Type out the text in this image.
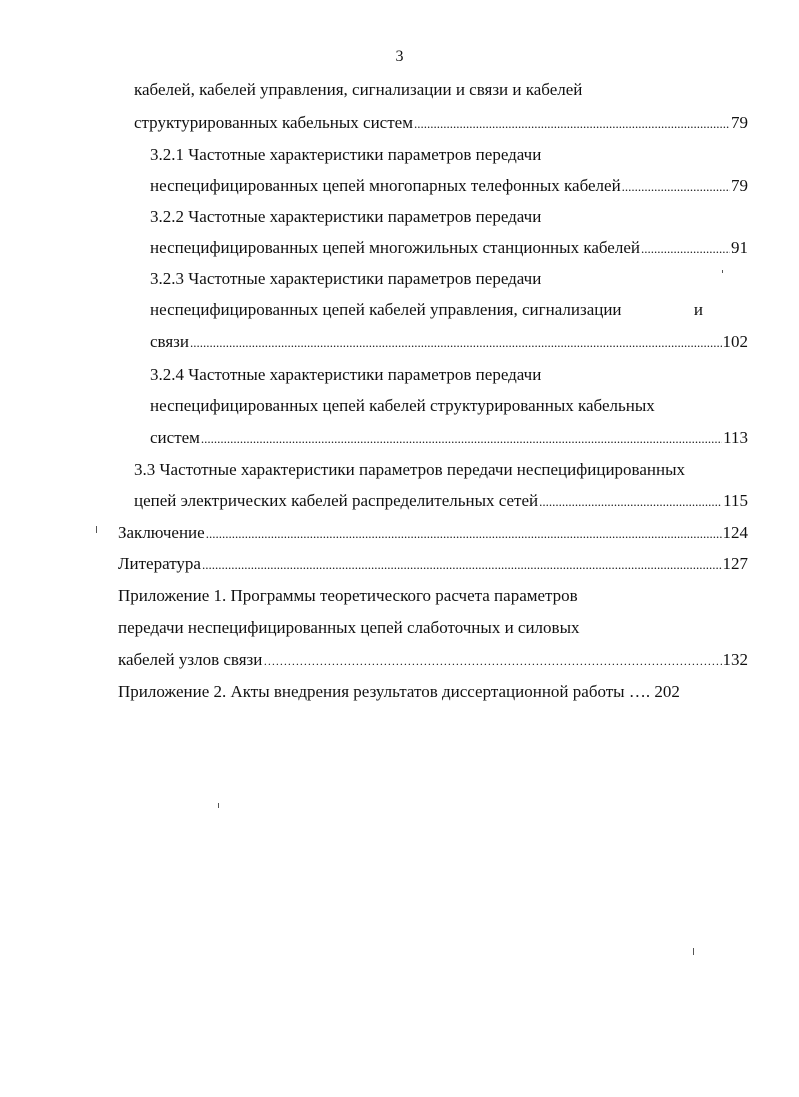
3
кабелей, кабелей управления, сигнализации и связи и кабелей
структурированных кабельных систем .....	79
3.2.1 Частотные характеристики параметров передачи
неспецифицированных цепей многопарных телефонных кабелей .....	79
3.2.2 Частотные характеристики параметров передачи
неспецифицированных цепей многожильных станционных кабелей .....	91
3.2.3 Частотные характеристики параметров передачи
неспецифицированных цепей кабелей управления, сигнализации	и
связи .....	102
3.2.4 Частотные характеристики параметров передачи
неспецифицированных цепей кабелей структурированных кабельных
систем .....	113
3.3 Частотные характеристики параметров передачи неспецифицированных
цепей электрических кабелей распределительных сетей .....	115
Заключение .....	124
Литература .....	127
Приложение 1. Программы теоретического расчета параметров
передачи неспецифицированных цепей слаботочных и силовых
кабелей узлов связи …………………………………………………………………………………………………………………………………………………	132
Приложение 2. Акты внедрения результатов диссертационной работы …. 202
